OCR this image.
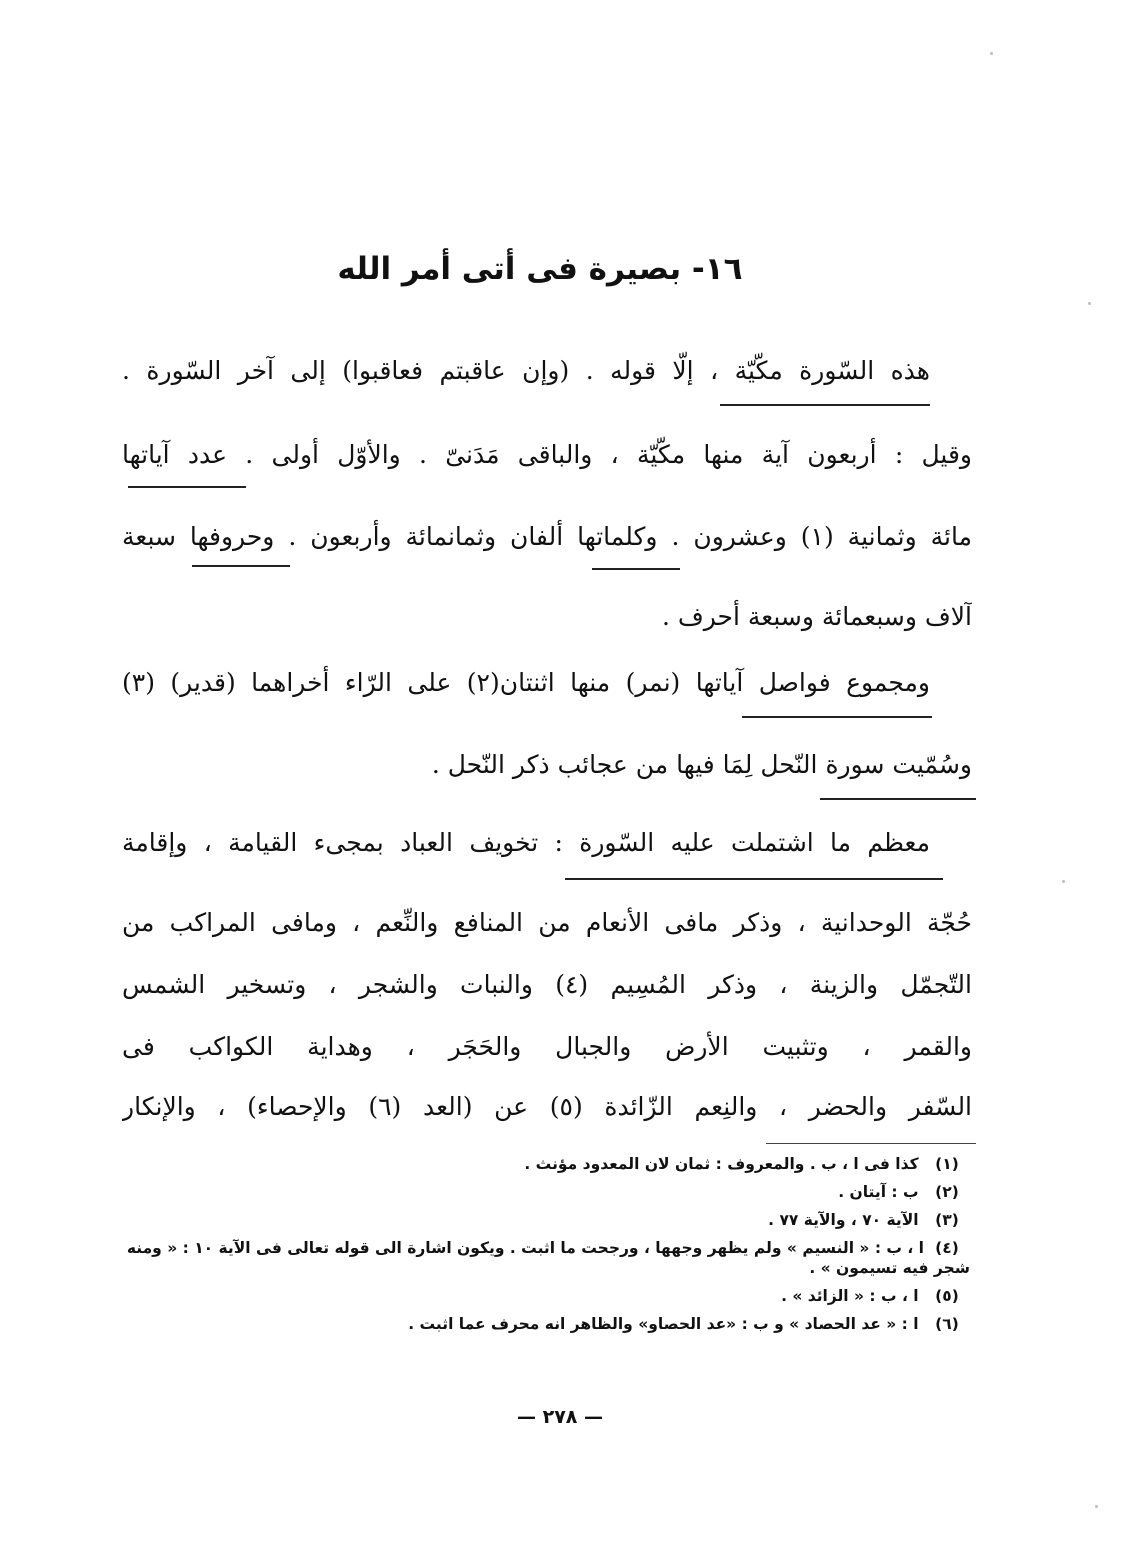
١٦- بصيرة فى أتى أمر الله
هذه السّورة مكّيّة ، إلّا قوله . (وإن عاقبتم فعاقبوا) إلى آخر السّورة .
وقيل : أربعون آية منها مكّيّة ، والباقى مَدَنىّ . والأوّل أولى . عدد آياتها
مائة وثمانية (١) وعشرون . وكلماتها ألفان وثمانمائة وأربعون . وحروفها سبعة
آلاف وسبعمائة وسبعة أحرف .
ومجموع فواصل آياتها (نمر) منها اثنتان(٢) على الرّاء أخراهما (قدير) (٣)
وسُمّيت سورة النّحل لِمَا فيها من عجائب ذكر النّحل .
معظم ما اشتملت عليه السّورة : تخويف العباد بمجىء القيامة ، وإقامة
حُجّة الوحدانية ، وذكر مافى الأنعام من المنافع والنِّعم ، ومافى المراكب من
التّجمّل والزينة ، وذكر المُسِيم (٤) والنبات والشجر ، وتسخير الشمس
والقمر ، وتثبيت الأرض والجبال والحَجَر ، وهداية الكواكب فى
السّفر والحضر ، والنِعم الزّائدة (٥) عن (العد (٦) والإحصاء) ، والإنكار
(١) كذا فى ا ، ب . والمعروف : ثمان لان المعدود مؤنث .
(٢) ب : آيتان .
(٣) الآية ٧٠ ، والآية ٧٧ .
(٤)ا ، ب : « النسيم » ولم يظهر وجهها ، ورجحت ما اثبت . ويكون اشارة الى قوله تعالى فى الآية ١٠ : « ومنه شجر فيه تسيمون » .
(٥) ا ، ب : « الزائد » .
(٦) ا : « عد الحصاد » و ب : «عد الحصاو» والظاهر انه محرف عما اثبت .
— ٢٧٨ —
